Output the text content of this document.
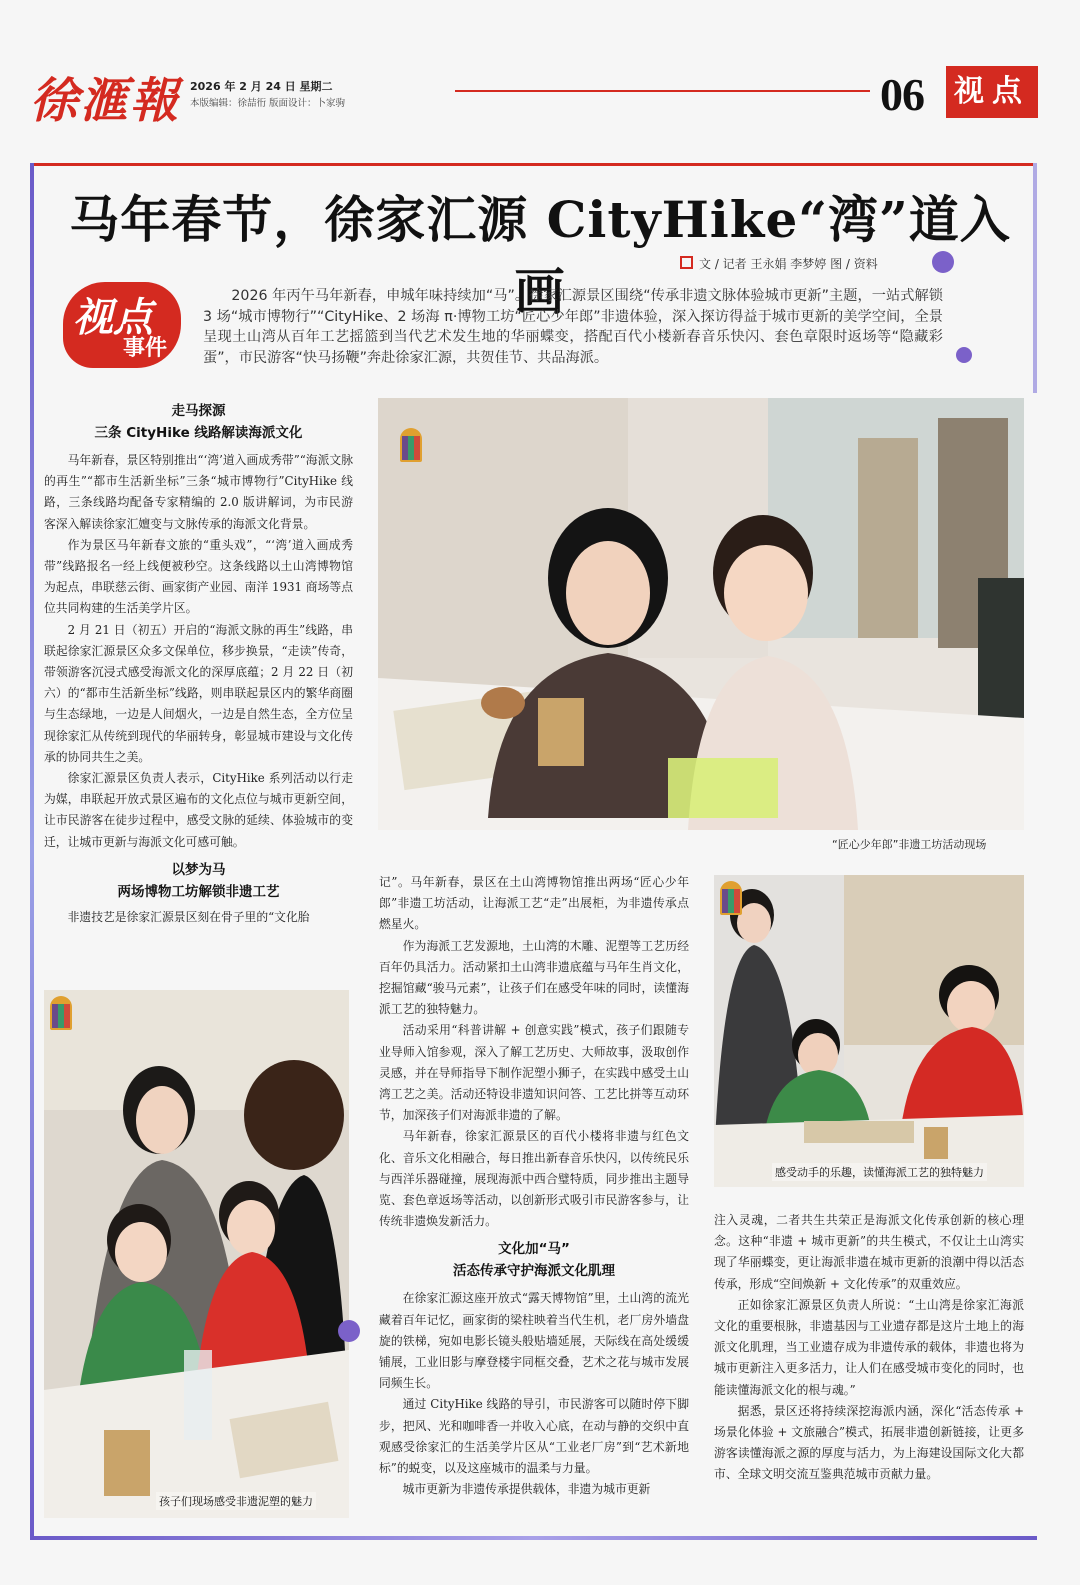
徐滙報 2026 年 2 月 24 日 星期二
本版编辑：徐喆衎 版面设计：卜家驹	06 视点
马年春节，徐家汇源 CityHike“湾”道入画	文 / 记者 王永娟 李梦婷 图 / 资料
视点
事件
2026 年丙午马年新春，申城年味持续加“马”。徐家汇源景区围绕“传承非遗文脉体验城市更新”主题，一站式解锁 3 场“城市博物行”“CityHike、2 场海 π·博物工坊“匠心少年郎”非遗体验，深入探访得益于城市更新的美学空间，全景呈现土山湾从百年工艺摇篮到当代艺术发生地的华丽蝶变，搭配百代小楼新春音乐快闪、套色章限时返场等“隐藏彩蛋”，市民游客“快马扬鞭”奔赴徐家汇源，共贺佳节、共品海派。
走马探源
三条 CityHike 线路解读海派文化

马年新春，景区特别推出“‘湾’道入画成秀带”“海派文脉的再生”“都市生活新坐标”三条“城市博物行”CityHike 线路，三条线路均配备专家精编的 2.0 版讲解词，为市民游客深入解读徐家汇嬗变与文脉传承的海派文化背景。

作为景区马年新春文旅的“重头戏”，“‘湾’道入画成秀带”线路报名一经上线便被秒空。这条线路以土山湾博物馆为起点，串联慈云街、画家街产业园、南洋 1931 商场等点位共同构建的生活美学片区。

2 月 21 日（初五）开启的“海派文脉的再生”线路，串联起徐家汇源景区众多文保单位，移步换景，“走读”传奇，带领游客沉浸式感受海派文化的深厚底蕴；2 月 22 日（初六）的“都市生活新坐标”线路，则串联起景区内的繁华商圈与生态绿地，一边是人间烟火，一边是自然生态，全方位呈现徐家汇从传统到现代的华丽转身，彰显城市建设与文化传承的协同共生之美。

徐家汇源景区负责人表示，CityHike 系列活动以行走为媒，串联起开放式景区遍布的文化点位与城市更新空间，让市民游客在徒步过程中，感受文脉的延续、体验城市的变迁，让城市更新与海派文化可感可触。

以梦为马
两场博物工坊解锁非遗工艺

非遗技艺是徐家汇源景区刻在骨子里的“文化胎

“匠心少年郎”非遗工坊活动现场
孩子们现场感受非遗泥塑的魅力

记”。马年新春，景区在土山湾博物馆推出两场“匠心少年郎”非遗工坊活动，让海派工艺“走”出展柜，为非遗传承点燃星火。

作为海派工艺发源地，土山湾的木雕、泥塑等工艺历经百年仍具活力。活动紧扣土山湾非遗底蕴与马年生肖文化，挖掘馆藏“骏马元素”，让孩子们在感受年味的同时，读懂海派工艺的独特魅力。

活动采用“科普讲解 + 创意实践”模式，孩子们跟随专业导师入馆参观，深入了解工艺历史、大师故事，汲取创作灵感，并在导师指导下制作泥塑小狮子，在实践中感受土山湾工艺之美。活动还特设非遗知识问答、工艺比拼等互动环节，加深孩子们对海派非遗的了解。

马年新春，徐家汇源景区的百代小楼将非遗与红色文化、音乐文化相融合，每日推出新春音乐快闪，以传统民乐与西洋乐器碰撞，展现海派中西合璧特质，同步推出主题导览、套色章返场等活动，以创新形式吸引市民游客参与，让传统非遗焕发新活力。

文化加“马”
活态传承守护海派文化肌理

在徐家汇源这座开放式“露天博物馆”里，土山湾的流光藏着百年记忆，画家街的梁柱映着当代生机，老厂房外墙盘旋的铁梯，宛如电影长镜头般贴墙延展，天际线在高处缓缓铺展，工业旧影与摩登楼宇同框交叠，艺术之花与城市发展同频生长。

通过 CityHike 线路的导引，市民游客可以随时停下脚步，把风、光和咖啡香一并收入心底，在动与静的交织中直观感受徐家汇的生活美学片区从“工业老厂房”到“艺术新地标”的蜕变，以及这座城市的温柔与力量。

城市更新为非遗传承提供载体，非遗为城市更新

感受动手的乐趣，读懂海派工艺的独特魅力

注入灵魂，二者共生共荣正是海派文化传承创新的核心理念。这种“非遗 + 城市更新”的共生模式，不仅让土山湾实现了华丽蝶变，更让海派非遗在城市更新的浪潮中得以活态传承，形成“空间焕新 + 文化传承”的双重效应。

正如徐家汇源景区负责人所说：“土山湾是徐家汇海派文化的重要根脉，非遗基因与工业遗存都是这片土地上的海派文化肌理，当工业遗存成为非遗传承的载体，非遗也将为城市更新注入更多活力，让人们在感受城市变化的同时，也能读懂海派文化的根与魂。”

据悉，景区还将持续深挖海派内涵，深化“活态传承 + 场景化体验 + 文旅融合”模式，拓展非遗创新链接，让更多游客读懂海派之源的厚度与活力，为上海建设国际文化大都市、全球文明交流互鉴典范城市贡献力量。
